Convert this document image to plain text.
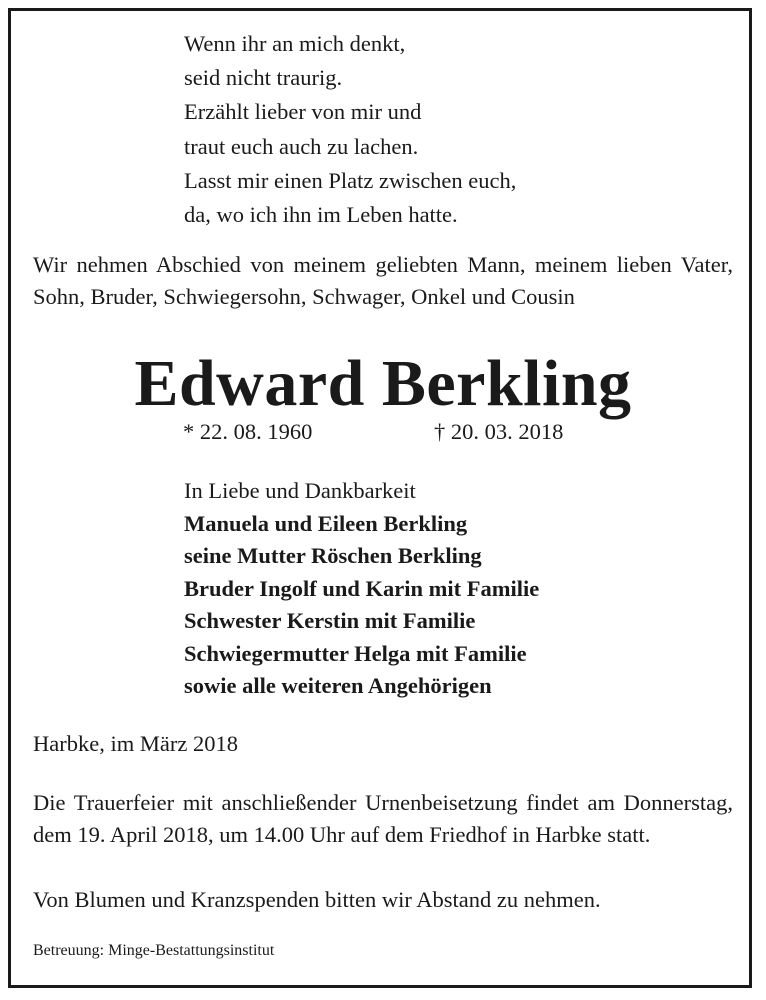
Wenn ihr an mich denkt,
seid nicht traurig.
Erzählt lieber von mir und
traut euch auch zu lachen.
Lasst mir einen Platz zwischen euch,
da, wo ich ihn im Leben hatte.
Wir nehmen Abschied von meinem geliebten Mann, meinem lieben Vater, Sohn, Bruder, Schwiegersohn, Schwager, Onkel und Cousin
Edward Berkling
* 22. 08. 1960	† 20. 03. 2018
In Liebe und Dankbarkeit
Manuela und Eileen Berkling
seine Mutter Röschen Berkling
Bruder Ingolf und Karin mit Familie
Schwester Kerstin mit Familie
Schwiegermutter Helga mit Familie
sowie alle weiteren Angehörigen
Harbke, im März 2018
Die Trauerfeier mit anschließender Urnenbeisetzung findet am Donnerstag, dem 19. April 2018, um 14.00 Uhr auf dem Friedhof in Harbke statt.
Von Blumen und Kranzspenden bitten wir Abstand zu nehmen.
Betreuung: Minge-Bestattungsinstitut
